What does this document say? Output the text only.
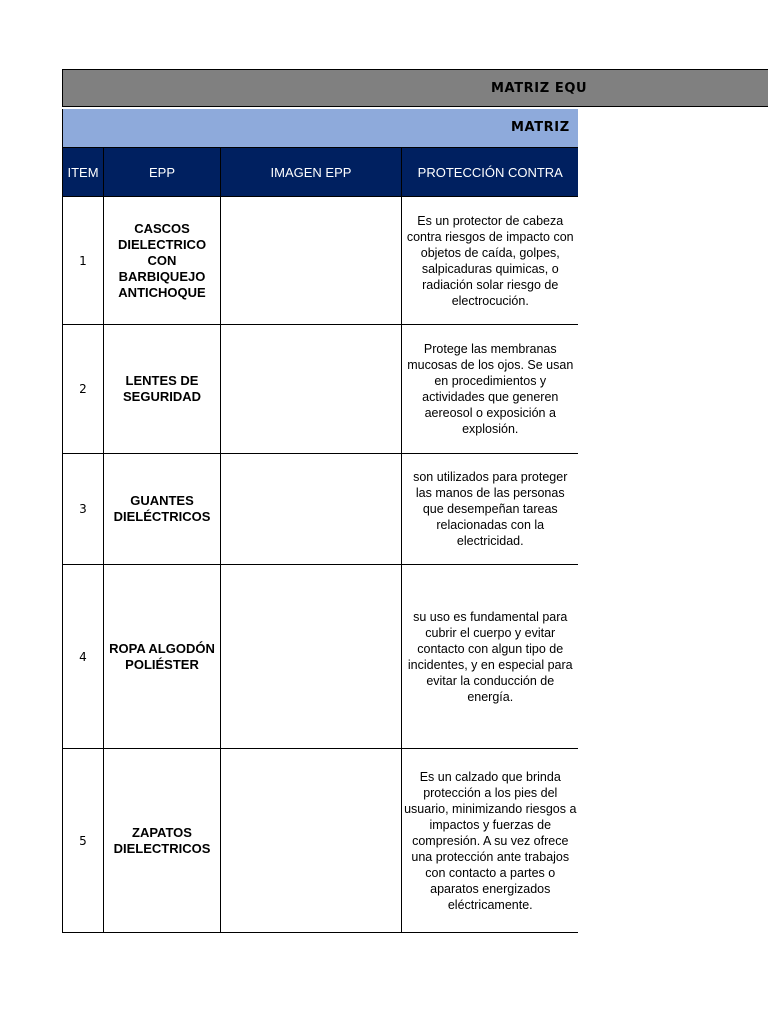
MATRIZ EQU
MATRIZ
ITEM	EPP	IMAGEN EPP	PROTECCIÓN CONTRA
1	CASCOS DIELECTRICO CON BARBIQUEJO ANTICHOQUE		Es un protector de cabeza contra riesgos de impacto con objetos de caída, golpes, salpicaduras quimicas, o radiación solar riesgo de electrocución.
2	LENTES DE SEGURIDAD		Protege las membranas mucosas de los ojos. Se usan en procedimientos y actividades que generen aereosol o exposición a explosión.
3	GUANTES DIELÉCTRICOS		son utilizados para proteger las manos de las personas que desempeñan tareas relacionadas con la electricidad.
4	ROPA ALGODÓNPOLIÉSTER		su uso es fundamental para cubrir el cuerpo y evitar contacto con algun tipo de incidentes, y en especial para evitar la conducción de energía.
5	ZAPATOS DIELECTRICOS		Es un calzado que brinda protección a los pies del usuario, minimizando riesgos a impactos y fuerzas de compresión. A su vez ofrece una protección ante trabajos con contacto a partes o aparatos energizados eléctricamente.
